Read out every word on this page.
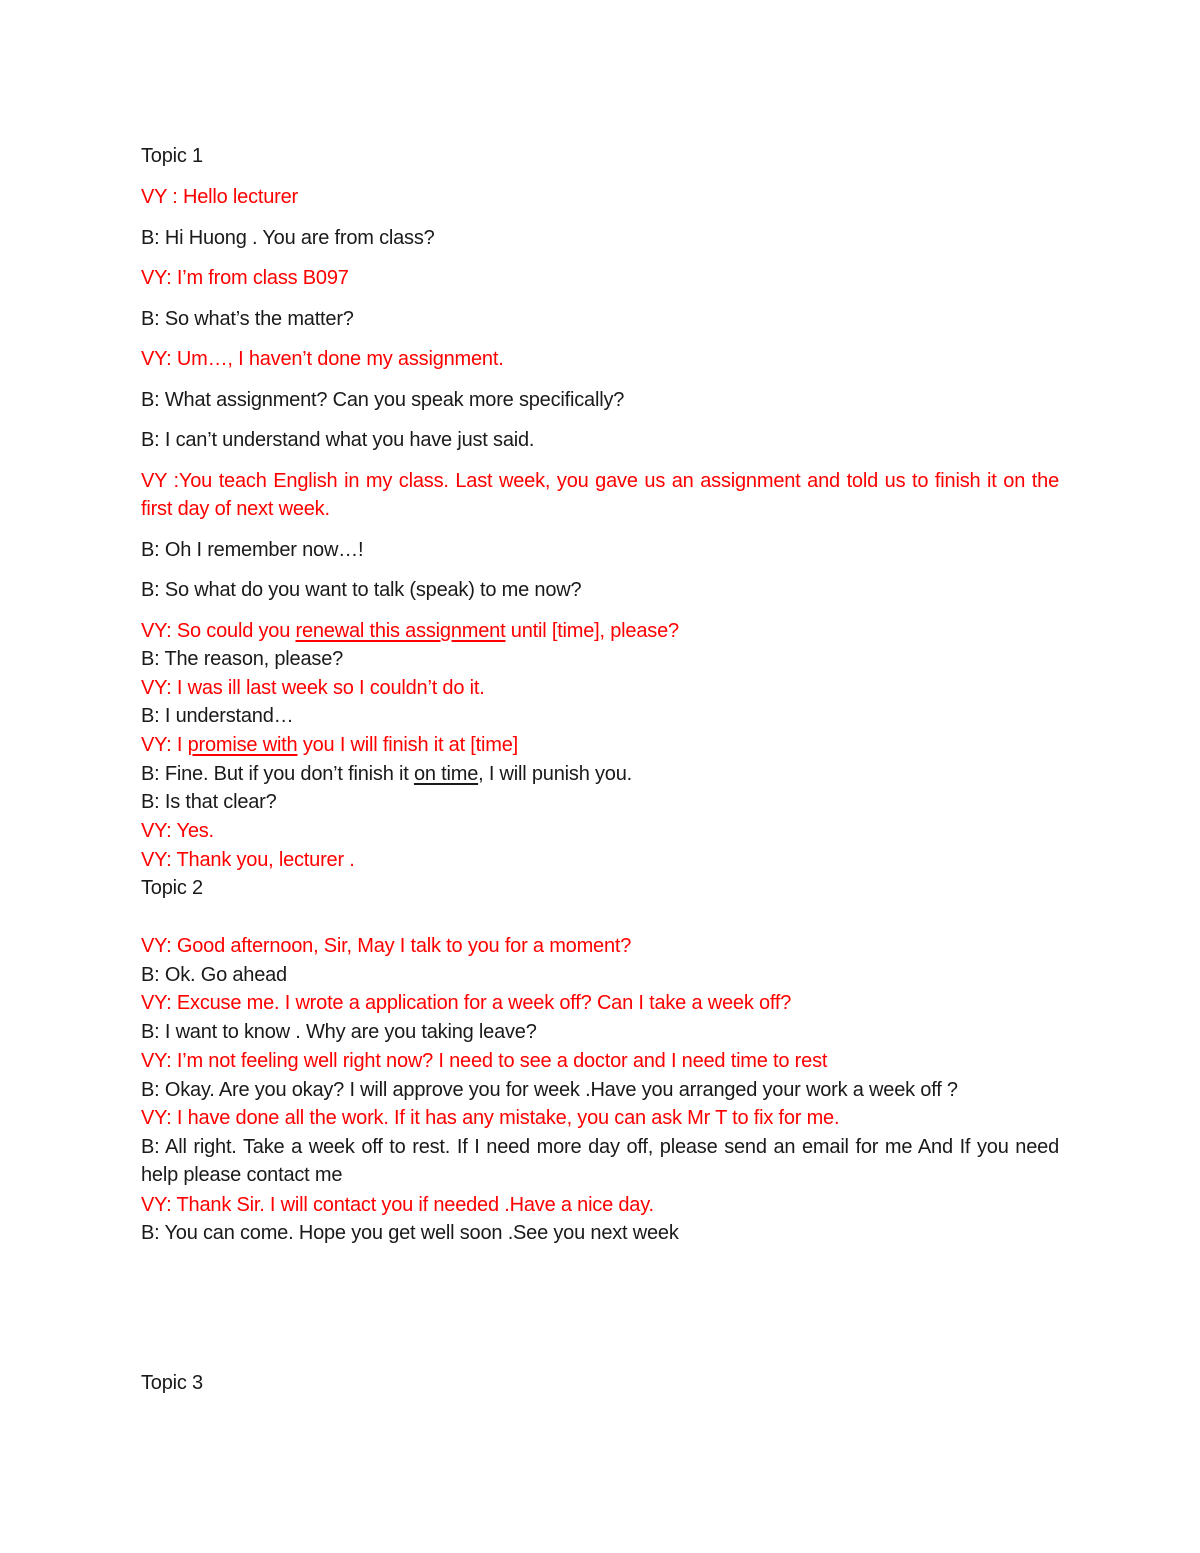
Topic 1
VY : Hello lecturer
B: Hi Huong . You are from class?
VY: I’m from class B097
B: So what’s the matter?
VY: Um…, I haven’t done my assignment.
B: What assignment? Can you speak more specifically?
B: I can’t understand what you have just said.
VY :You teach English in my class. Last week, you gave us an assignment and told us to finish it on the first day of next week.
B: Oh I remember now…!
B: So what do you want to talk (speak) to me now?
VY: So could you renewal this assignment until [time], please?
B: The reason, please?
VY: I was ill last week so I couldn’t do it.
B: I understand…
VY: I promise with you I will finish it at [time]
B: Fine. But if you don’t finish it on time, I will punish you.
B: Is that clear?
VY: Yes.
VY: Thank you, lecturer .
Topic 2
VY: Good afternoon, Sir, May I talk to you for a moment?
B: Ok. Go ahead
VY: Excuse me. I wrote a application for a week off? Can I take a week off?
B: I want to know . Why are you taking leave?
VY: I’m not feeling well right now? I need to see a doctor and I need time to rest
B: Okay. Are you okay? I will approve you for week .Have you arranged your work a week off ?
VY: I have done all the work. If it has any mistake, you can ask Mr T to fix for me.
B: All right. Take a week off to rest. If I need more day off, please send an email for me And If you need help please contact me
VY: Thank Sir. I will contact you if needed .Have a nice day.
B: You can come. Hope you get well soon .See you next week
Topic 3
